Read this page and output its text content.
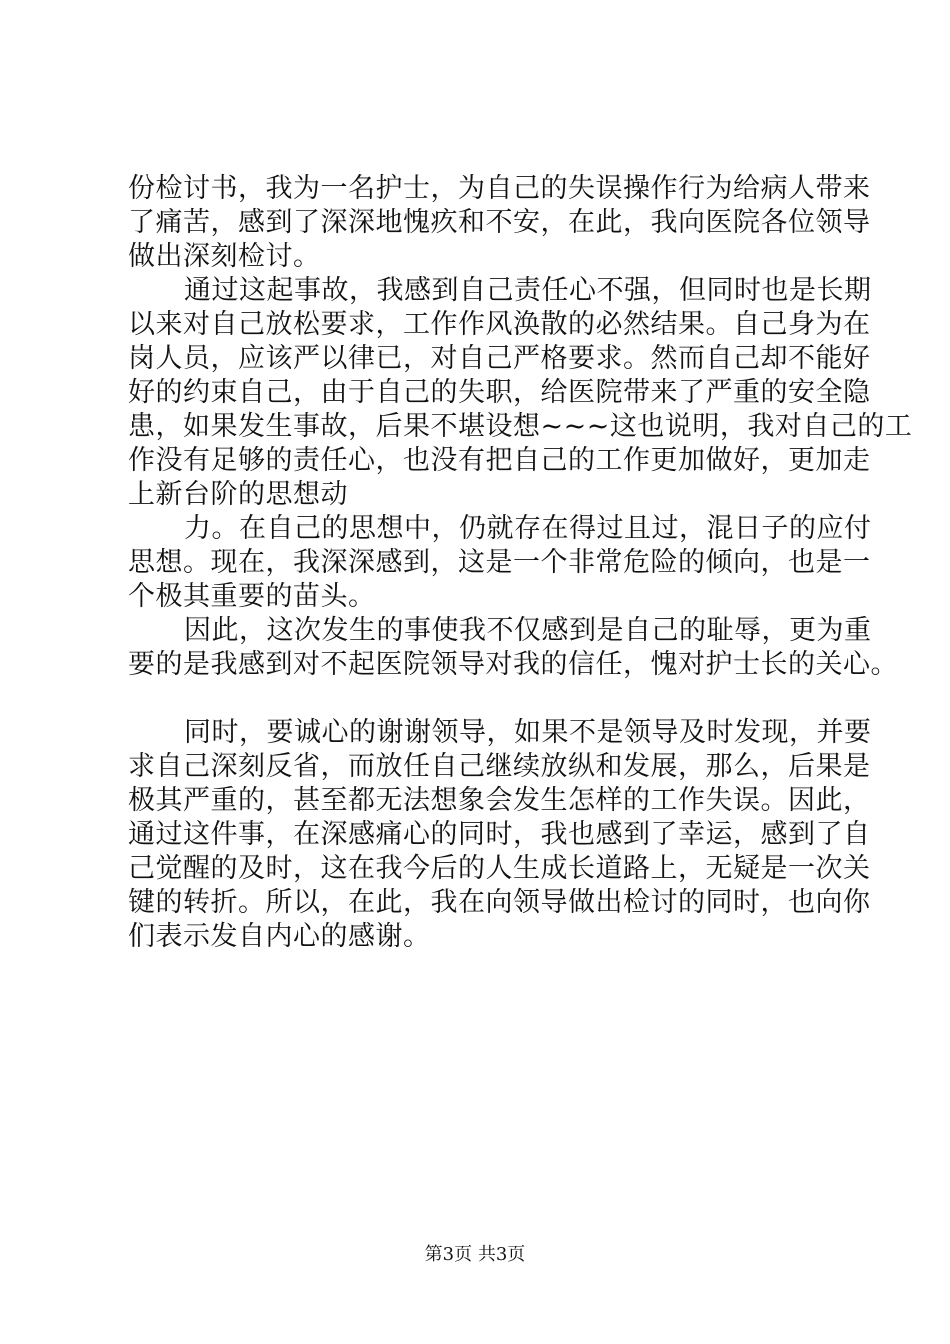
份检讨书，我为一名护士，为自己的失误操作行为给病人带来
了痛苦，感到了深深地愧疚和不安，在此，我向医院各位领导
做出深刻检讨。
通过这起事故，我感到自己责任心不强，但同时也是长期
以来对自己放松要求，工作作风涣散的必然结果。自己身为在
岗人员，应该严以律已，对自己严格要求。然而自己却不能好
好的约束自己，由于自己的失职，给医院带来了严重的安全隐
患，如果发生事故，后果不堪设想~~~这也说明，我对自己的工
作没有足够的责任心，也没有把自己的工作更加做好，更加走
上新台阶的思想动
力。在自己的思想中，仍就存在得过且过，混日子的应付
思想。现在，我深深感到，这是一个非常危险的倾向，也是一
个极其重要的苗头。
因此，这次发生的事使我不仅感到是自己的耻辱，更为重
要的是我感到对不起医院领导对我的信任，愧对护士长的关心。
同时，要诚心的谢谢领导，如果不是领导及时发现，并要
求自己深刻反省，而放任自己继续放纵和发展，那么，后果是
极其严重的，甚至都无法想象会发生怎样的工作失误。因此，
通过这件事，在深感痛心的同时，我也感到了幸运，感到了自
己觉醒的及时，这在我今后的人生成长道路上，无疑是一次关
键的转折。所以，在此，我在向领导做出检讨的同时，也向你
们表示发自内心的感谢。
第3页 共3页
